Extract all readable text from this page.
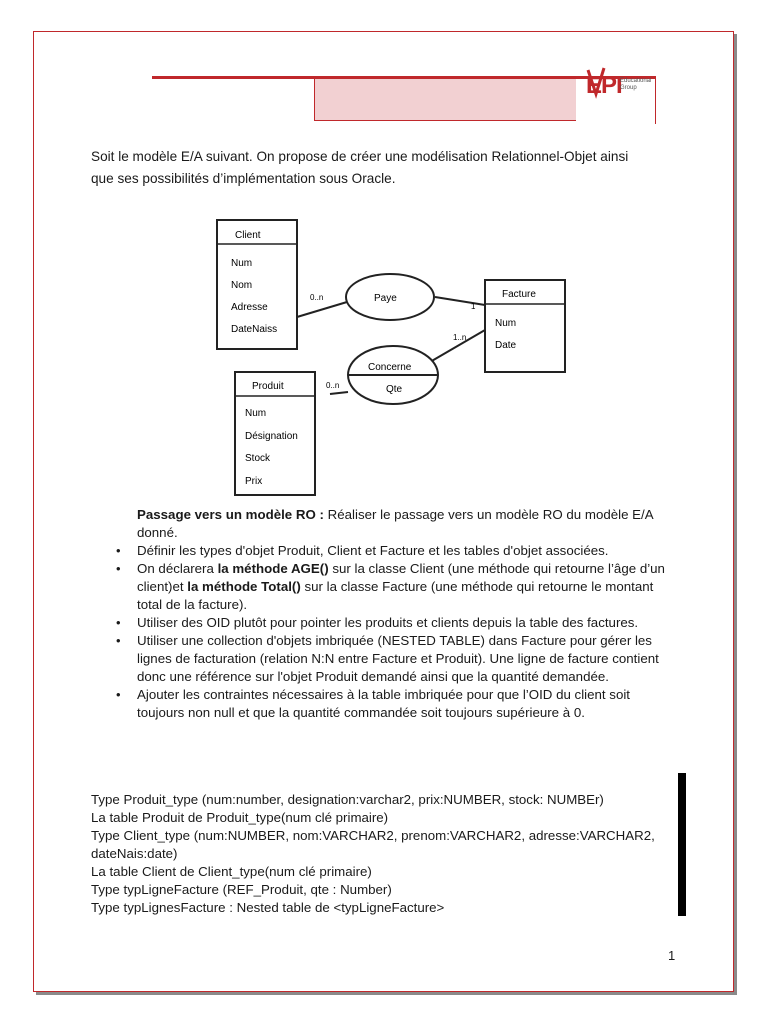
EPI
Educational Group
Soit le modèle E/A suivant. On propose de créer une modélisation Relationnel-Objet ainsi
que ses possibilités d’implémentation sous Oracle.
Client
Num
Nom
Adresse
DateNaiss
Paye	Facture
Num
Date
Concerne
Qte
Produit
Num
Désignation
Stock
Prix
0..n
1
1..n
0..n
Passage vers un modèle RO : Réaliser le passage vers un modèle RO du modèle E/A donné.
• Définir les types d'objet Produit, Client et Facture et les tables d'objet associées.
• On déclarera la méthode AGE() sur la classe Client (une méthode qui retourne l’âge d’un client)et la méthode Total() sur la classe Facture (une méthode qui retourne le montant total de la facture).
• Utiliser des OID plutôt pour pointer les produits et clients depuis la table des factures.
• Utiliser une collection d'objets imbriquée (NESTED TABLE) dans Facture pour gérer les lignes de facturation (relation N:N entre Facture et Produit). Une ligne de facture contient donc une référence sur l'objet Produit demandé ainsi que la quantité demandée.
• Ajouter les contraintes nécessaires à la table imbriquée pour que l’OID du client soit toujours non null et que la quantité commandée soit toujours supérieure à 0.
Type Produit_type (num:number, designation:varchar2, prix:NUMBER, stock: NUMBEr)
La table Produit de Produit_type(num clé primaire)
Type Client_type (num:NUMBER, nom:VARCHAR2, prenom:VARCHAR2, adresse:VARCHAR2, dateNais:date)
La table Client de Client_type(num clé primaire)
Type typLigneFacture (REF_Produit, qte : Number)
Type typLignesFacture : Nested table de <typLigneFacture>
1
